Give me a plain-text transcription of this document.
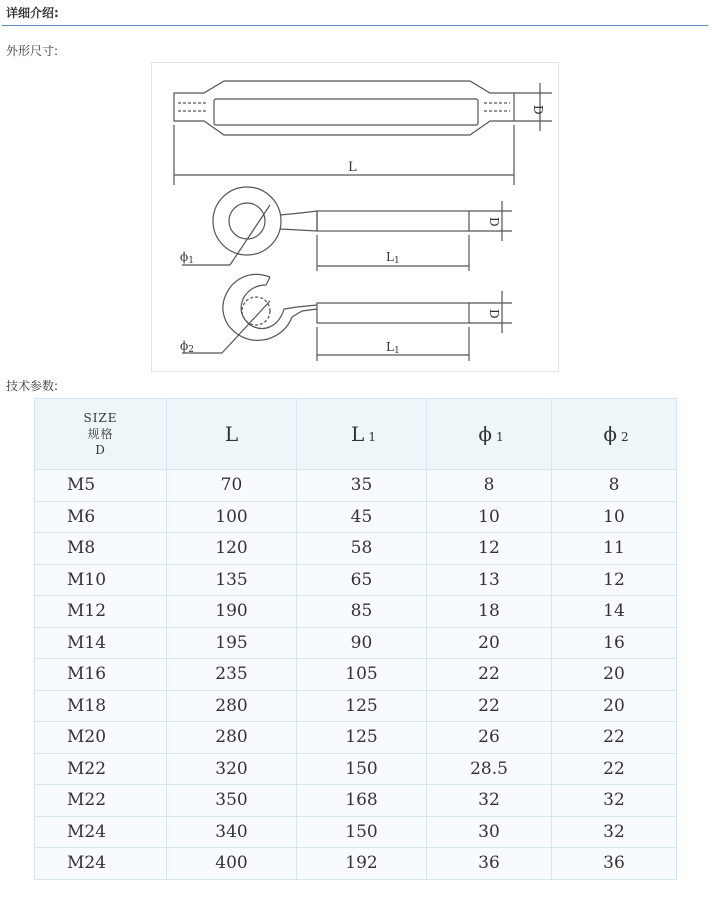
详细介绍:
外形尺寸:
D
L
ϕ1
D
L1
ϕ2
D
L1
技术参数:
SIZE
规格
D	L	L 1	ϕ 1	ϕ 2
M5	70	35	8	8
M6	100	45	10	10
M8	120	58	12	11
M10	135	65	13	12
M12	190	85	18	14
M14	195	90	20	16
M16	235	105	22	20
M18	280	125	22	20
M20	280	125	26	22
M22	320	150	28.5	22
M22	350	168	32	32
M24	340	150	30	32
M24	400	192	36	36
